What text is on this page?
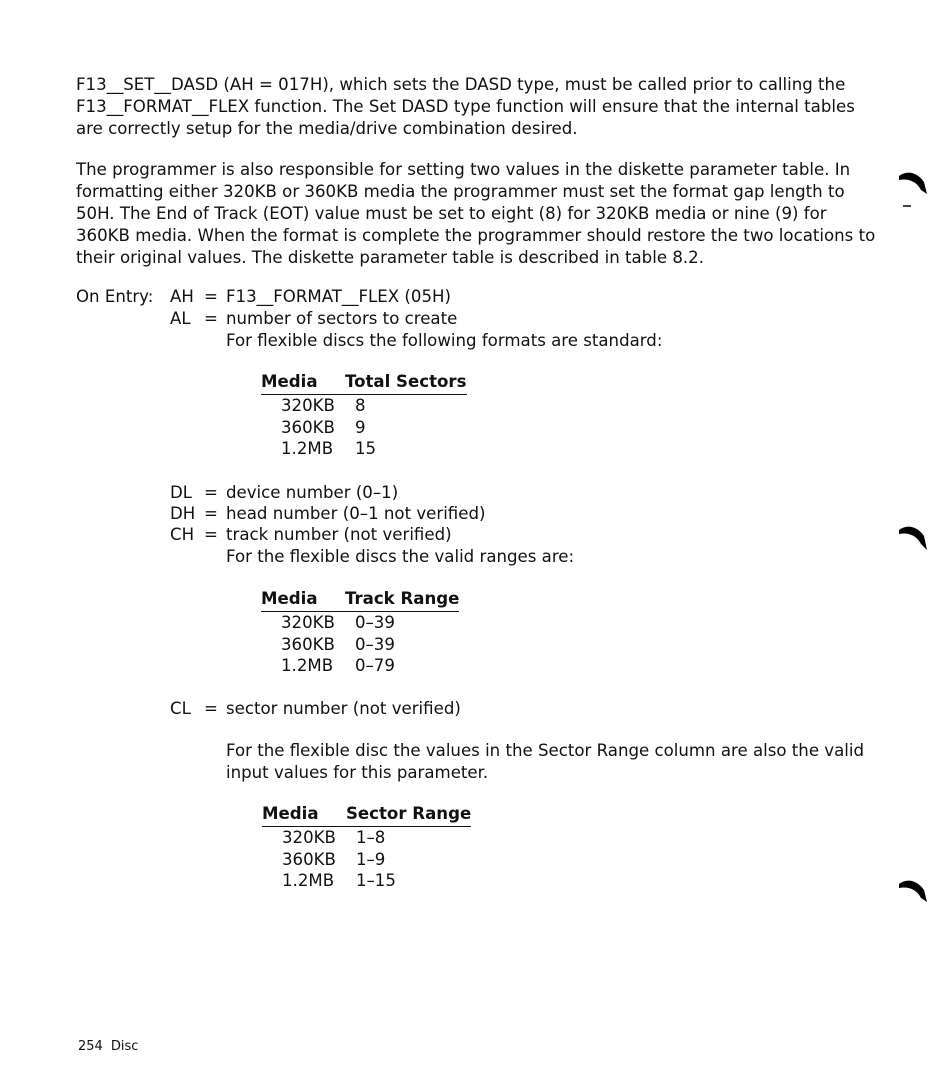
F13__SET__DASD (AH = 017H), which sets the DASD type, must be called prior to calling the
F13__FORMAT__FLEX function. The Set DASD type function will ensure that the internal tables
are correctly setup for the media/drive combination desired.

The programmer is also responsible for setting two values in the diskette parameter table. In
formatting either 320KB or 360KB media the programmer must set the format gap length to
50H. The End of Track (EOT) value must be set to eight (8) for 320KB media or nine (9) for
360KB media. When the format is complete the programmer should restore the two locations to
their original values. The diskette parameter table is described in table 8.2.

On Entry: AH = F13__FORMAT__FLEX (05H)
AL = number of sectors to create
For flexible discs the following formats are standard:
Media	Total Sectors
320KB	8
360KB	9
1.2MB	15
DL = device number (0–1)
DH = head number (0–1 not verified)
CH = track number (not verified)
For the flexible discs the valid ranges are:
Media	Track Range
320KB	0–39
360KB	0–39
1.2MB	0–79
CL = sector number (not verified)
For the flexible disc the values in the Sector Range column are also the valid
input values for this parameter.
Media	Sector Range
320KB	1–8
360KB	1–9
1.2MB	1–15
254 Disc
